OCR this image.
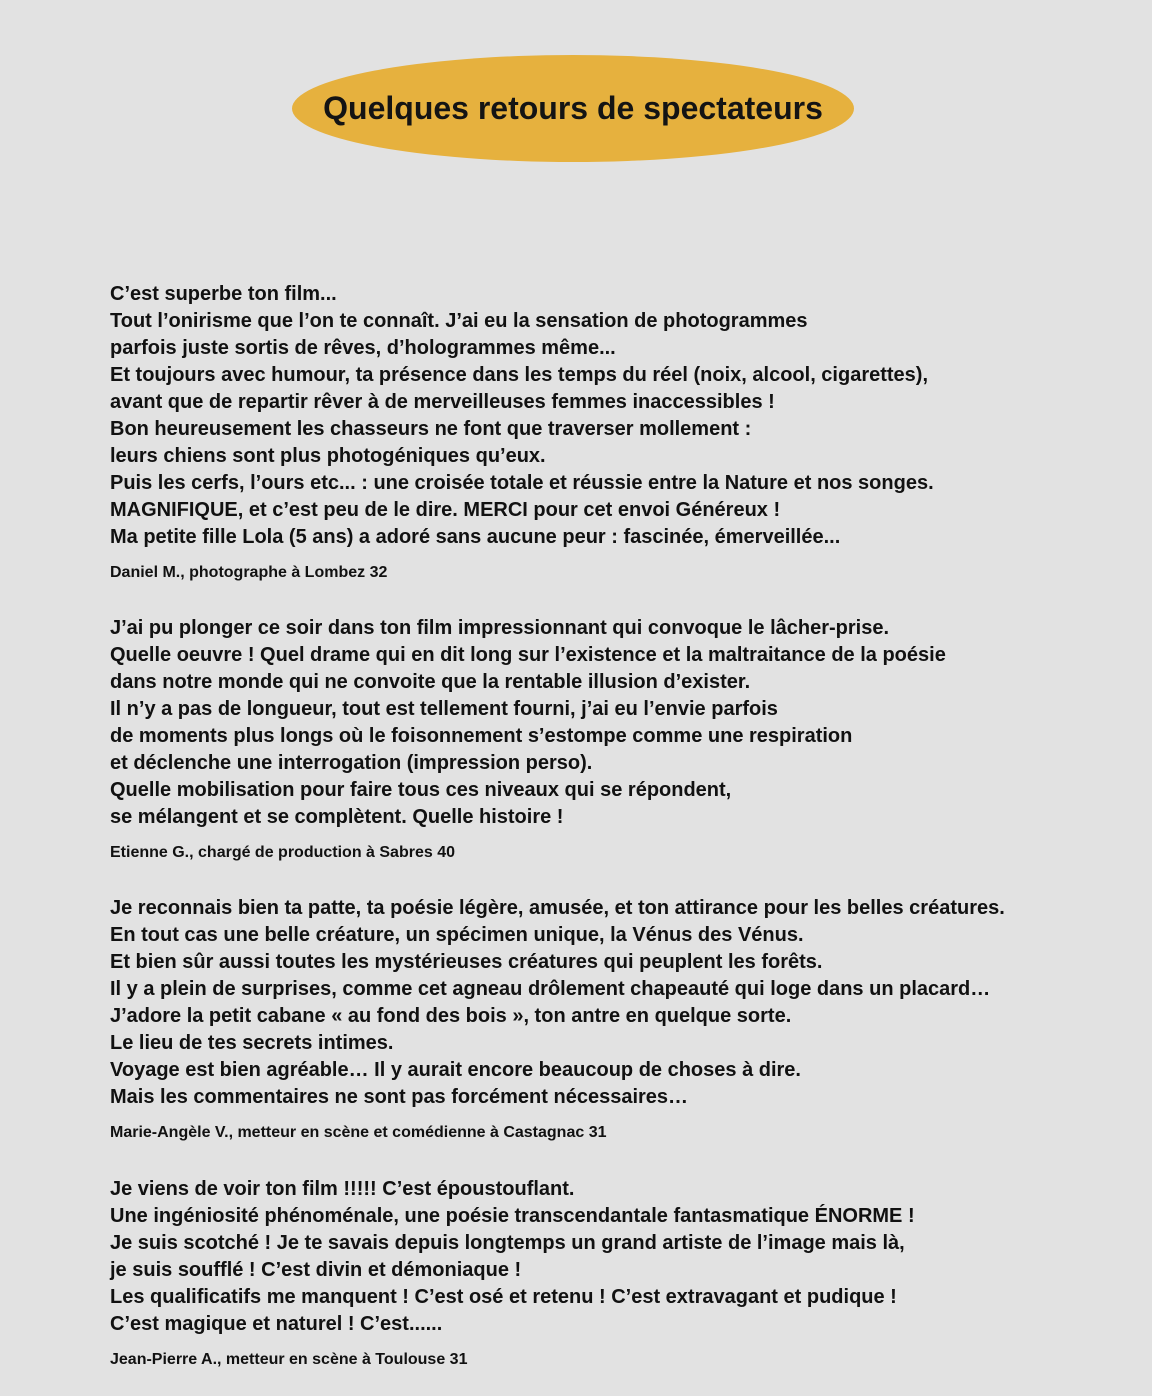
Quelques retours de spectateurs
C’est superbe ton film...
Tout l’onirisme que l’on te connaît. J’ai eu la sensation de photogrammes
parfois juste sortis de rêves, d’hologrammes même...
Et toujours avec humour, ta présence dans les temps du réel (noix, alcool, cigarettes),
avant que de repartir rêver à de merveilleuses femmes inaccessibles !
Bon heureusement les chasseurs ne font que traverser mollement :
leurs chiens sont plus photogéniques qu’eux.
Puis les cerfs, l’ours etc... : une croisée totale et réussie entre la Nature et nos songes.
MAGNIFIQUE, et c’est peu de le dire. MERCI pour cet envoi Généreux !
Ma petite fille Lola (5 ans) a adoré sans aucune peur : fascinée, émerveillée...
Daniel M., photographe à Lombez 32
J’ai pu plonger ce soir dans ton film impressionnant qui convoque le lâcher-prise.
Quelle oeuvre ! Quel drame qui en dit long sur l’existence et la maltraitance de la poésie
dans notre monde qui ne convoite que la rentable illusion d’exister.
Il n’y a pas de longueur, tout est tellement fourni, j’ai eu l’envie parfois
de moments plus longs où le foisonnement s’estompe comme une respiration
et déclenche une interrogation (impression perso).
Quelle mobilisation pour faire tous ces niveaux qui se répondent,
se mélangent et se complètent. Quelle histoire !
Etienne G., chargé de production à Sabres 40
Je reconnais bien ta patte, ta poésie légère, amusée, et ton attirance pour les belles créatures.
En tout cas une belle créature, un spécimen unique, la Vénus des Vénus.
Et bien sûr aussi toutes les mystérieuses créatures qui peuplent les forêts.
Il y a plein de surprises, comme cet agneau drôlement chapeauté qui loge dans un placard…
J’adore la petit cabane « au fond des bois », ton antre en quelque sorte.
Le lieu de tes secrets intimes.
Voyage est bien agréable… Il y aurait encore beaucoup de choses à dire.
Mais les commentaires ne sont pas forcément nécessaires…
Marie-Angèle V., metteur en scène et comédienne à Castagnac 31
Je viens de voir ton film !!!!! C’est époustouflant.
Une ingéniosité phénoménale, une poésie transcendantale fantasmatique ÉNORME !
Je suis scotché ! Je te savais depuis longtemps un grand artiste de l’image mais là,
je suis soufflé ! C’est divin et démoniaque !
Les qualificatifs me manquent ! C’est osé et retenu ! C’est extravagant et pudique !
C’est magique et naturel ! C’est......
Jean-Pierre A., metteur en scène à Toulouse 31
